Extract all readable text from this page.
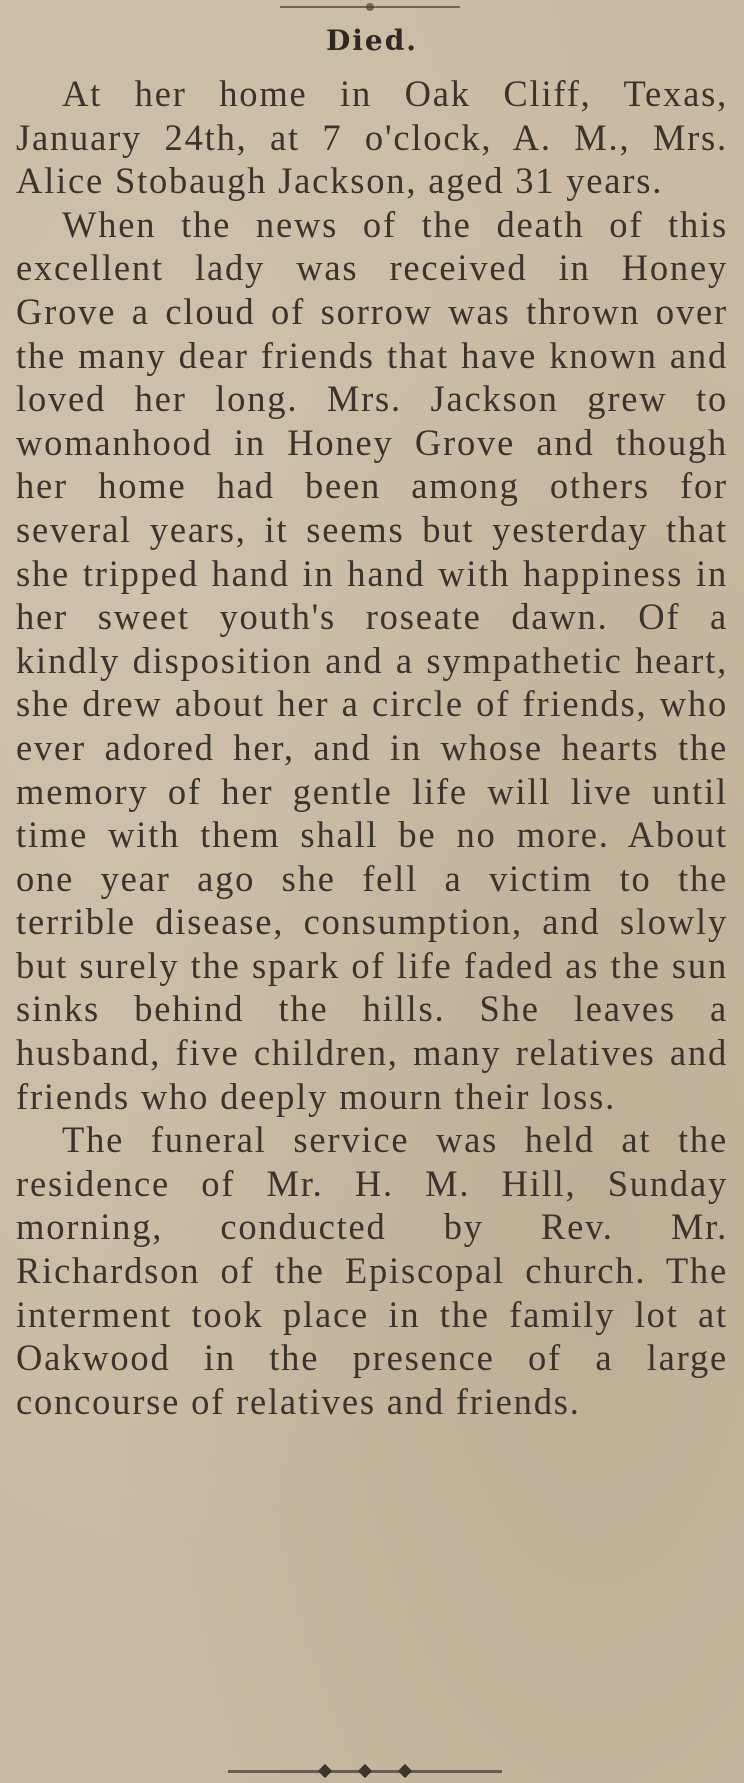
Died.

At her home in Oak Cliff, Texas, January 24th, at 7 o'clock, A. M., Mrs. Alice Stobaugh Jackson, aged 31 years.

When the news of the death of this excellent lady was received in Honey Grove a cloud of sorrow was thrown over the many dear friends that have known and loved her long. Mrs. Jackson grew to womanhood in Honey Grove and though her home had been among others for several years, it seems but yesterday that she tripped hand in hand with happiness in her sweet youth's roseate dawn. Of a kindly disposition and a sympathetic heart, she drew about her a circle of friends, who ever adored her, and in whose hearts the memory of her gentle life will live until time with them shall be no more. About one year ago she fell a victim to the terrible disease, consumption, and slowly but surely the spark of life faded as the sun sinks behind the hills. She leaves a husband, five children, many relatives and friends who deeply mourn their loss.

The funeral service was held at the residence of Mr. H. M. Hill, Sunday morning, conducted by Rev. Mr. Richardson of the Episcopal church. The interment took place in the family lot at Oakwood in the presence of a large concourse of relatives and friends.
